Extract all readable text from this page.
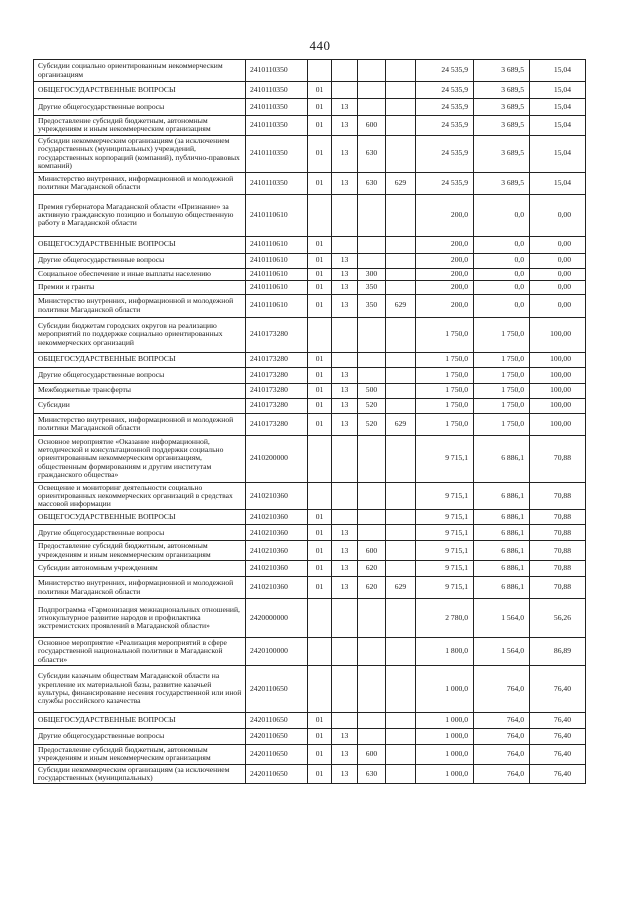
440
Субсидии социально ориентированным некоммерческим организациям	2410110350					24 535,9	3 689,5	15,04
ОБЩЕГОСУДАРСТВЕННЫЕ ВОПРОСЫ	2410110350	01				24 535,9	3 689,5	15,04
Другие общегосударственные вопросы	2410110350	01	13			24 535,9	3 689,5	15,04
Предоставление субсидий бюджетным, автономным учреждениям и иным некоммерческим организациям	2410110350	01	13	600		24 535,9	3 689,5	15,04
Субсидии некоммерческим организациям (за исключением государственных (муниципальных) учреждений, государственных корпораций (компаний), публично-правовых компаний)	2410110350	01	13	630		24 535,9	3 689,5	15,04
Министерство внутренних, информационной и молодежной политики Магаданской области	2410110350	01	13	630	629	24 535,9	3 689,5	15,04
Премия губернатора Магаданской области «Признание» за активную гражданскую позицию и большую общественную работу в Магаданской области	2410110610					200,0	0,0	0,00
ОБЩЕГОСУДАРСТВЕННЫЕ ВОПРОСЫ	2410110610	01				200,0	0,0	0,00
Другие общегосударственные вопросы	2410110610	01	13			200,0	0,0	0,00
Социальное обеспечение и иные выплаты населению	2410110610	01	13	300		200,0	0,0	0,00
Премии и гранты	2410110610	01	13	350		200,0	0,0	0,00
Министерство внутренних, информационной и молодежной политики Магаданской области	2410110610	01	13	350	629	200,0	0,0	0,00
Субсидии бюджетам городских округов на реализацию мероприятий по поддержке социально ориентированных некоммерческих организаций	2410173280					1 750,0	1 750,0	100,00
ОБЩЕГОСУДАРСТВЕННЫЕ ВОПРОСЫ	2410173280	01				1 750,0	1 750,0	100,00
Другие общегосударственные вопросы	2410173280	01	13			1 750,0	1 750,0	100,00
Межбюджетные трансферты	2410173280	01	13	500		1 750,0	1 750,0	100,00
Субсидии	2410173280	01	13	520		1 750,0	1 750,0	100,00
Министерство внутренних, информационной и молодежной политики Магаданской области	2410173280	01	13	520	629	1 750,0	1 750,0	100,00
Основное мероприятие «Оказание информационной, методической и консультационной поддержки социально ориентированным некоммерческим организациям, общественным формированиям и другим институтам гражданского общества»	2410200000					9 715,1	6 886,1	70,88
Освещение и мониторинг деятельности социально ориентированных некоммерческих организаций в средствах массовой информации	2410210360					9 715,1	6 886,1	70,88
ОБЩЕГОСУДАРСТВЕННЫЕ ВОПРОСЫ	2410210360	01				9 715,1	6 886,1	70,88
Другие общегосударственные вопросы	2410210360	01	13			9 715,1	6 886,1	70,88
Предоставление субсидий бюджетным, автономным учреждениям и иным некоммерческим организациям	2410210360	01	13	600		9 715,1	6 886,1	70,88
Субсидии автономным учреждениям	2410210360	01	13	620		9 715,1	6 886,1	70,88
Министерство внутренних, информационной и молодежной политики Магаданской области	2410210360	01	13	620	629	9 715,1	6 886,1	70,88
Подпрограмма «Гармонизация межнациональных отношений, этнокультурное развитие народов и профилактика экстремистских проявлений в Магаданской области»	2420000000					2 780,0	1 564,0	56,26
Основное мероприятие «Реализация мероприятий в сфере государственной национальной политики в Магаданской области»	2420100000					1 800,0	1 564,0	86,89
Субсидии казачьим обществам Магаданской области на укрепление их материальной базы, развитие казачьей культуры, финансирование несения государственной или иной службы российского казачества	2420110650					1 000,0	764,0	76,40
ОБЩЕГОСУДАРСТВЕННЫЕ ВОПРОСЫ	2420110650	01				1 000,0	764,0	76,40
Другие общегосударственные вопросы	2420110650	01	13			1 000,0	764,0	76,40
Предоставление субсидий бюджетным, автономным учреждениям и иным некоммерческим организациям	2420110650	01	13	600		1 000,0	764,0	76,40
Субсидии некоммерческим организациям (за исключением государственных (муниципальных)	2420110650	01	13	630		1 000,0	764,0	76,40
